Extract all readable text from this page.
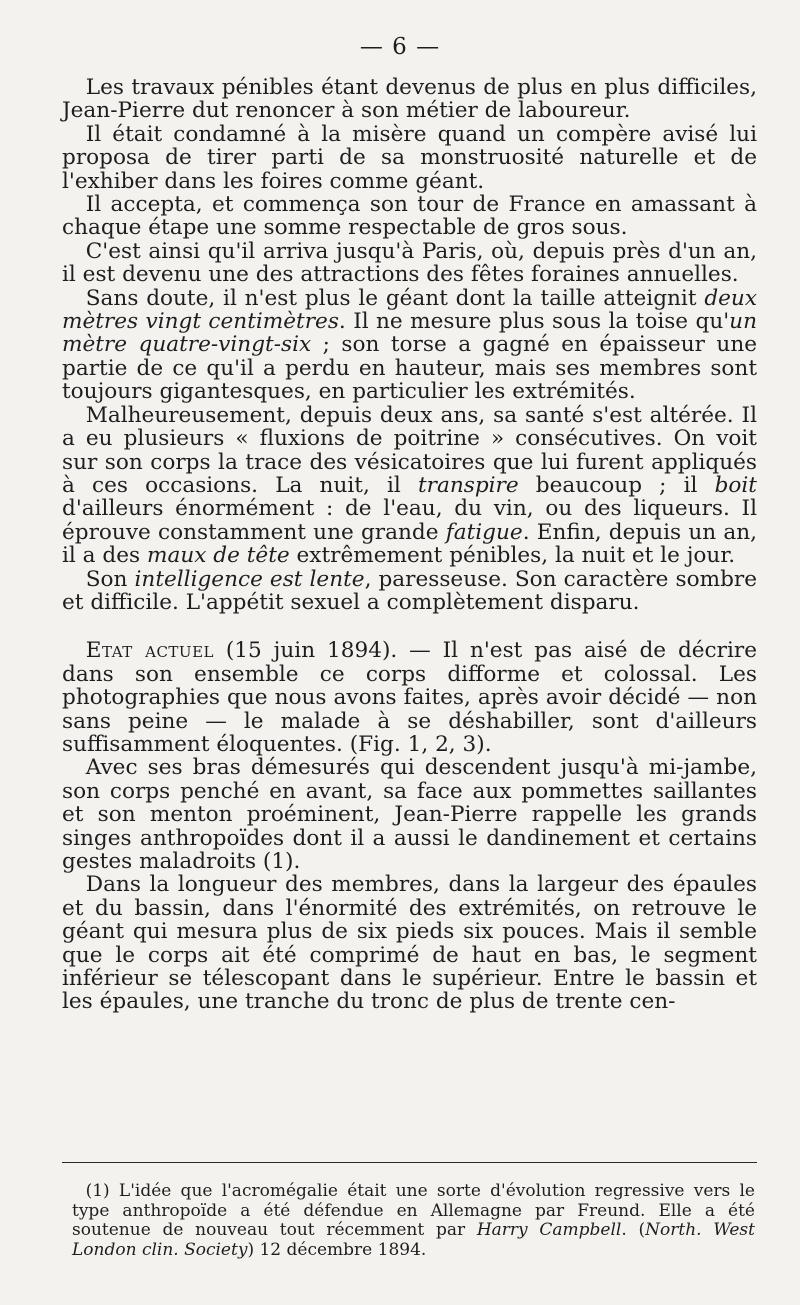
— 6 —

Les travaux pénibles étant devenus de plus en plus difficiles, Jean-Pierre dut renoncer à son métier de laboureur.

Il était condamné à la misère quand un compère avisé lui proposa de tirer parti de sa monstruosité naturelle et de l'exhiber dans les foires comme géant.

Il accepta, et commença son tour de France en amassant à chaque étape une somme respectable de gros sous.

C'est ainsi qu'il arriva jusqu'à Paris, où, depuis près d'un an, il est devenu une des attractions des fêtes foraines annuelles.

Sans doute, il n'est plus le géant dont la taille atteignit deux mètres vingt centimètres. Il ne mesure plus sous la toise qu'un mètre quatre-vingt-six ; son torse a gagné en épaisseur une partie de ce qu'il a perdu en hauteur, mais ses membres sont toujours gigantesques, en particulier les extrémités.

Malheureusement, depuis deux ans, sa santé s'est altérée. Il a eu plusieurs « fluxions de poitrine » consécutives. On voit sur son corps la trace des vésicatoires que lui furent appliqués à ces occasions. La nuit, il transpire beaucoup ; il boit d'ailleurs énormément : de l'eau, du vin, ou des liqueurs. Il éprouve constamment une grande fatigue. Enfin, depuis un an, il a des maux de tête extrêmement pénibles, la nuit et le jour.

Son intelligence est lente, paresseuse. Son caractère sombre et difficile. L'appétit sexuel a complètement disparu.

Etat actuel (15 juin 1894). — Il n'est pas aisé de décrire dans son ensemble ce corps difforme et colossal. Les photographies que nous avons faites, après avoir décidé — non sans peine — le malade à se déshabiller, sont d'ailleurs suffisamment éloquentes. (Fig. 1, 2, 3).

Avec ses bras démesurés qui descendent jusqu'à mi-jambe, son corps penché en avant, sa face aux pommettes saillantes et son menton proéminent, Jean-Pierre rappelle les grands singes anthropoïdes dont il a aussi le dandinement et certains gestes maladroits (1).

Dans la longueur des membres, dans la largeur des épaules et du bassin, dans l'énormité des extrémités, on retrouve le géant qui mesura plus de six pieds six pouces. Mais il semble que le corps ait été comprimé de haut en bas, le segment inférieur se télescopant dans le supérieur. Entre le bassin et les épaules, une tranche du tronc de plus de trente cen-

(1) L'idée que l'acromégalie était une sorte d'évolution regressive vers le type anthropoïde a été défendue en Allemagne par Freund. Elle a été soutenue de nouveau tout récemment par Harry Campbell. (North. West London clin. Society) 12 décembre 1894.
